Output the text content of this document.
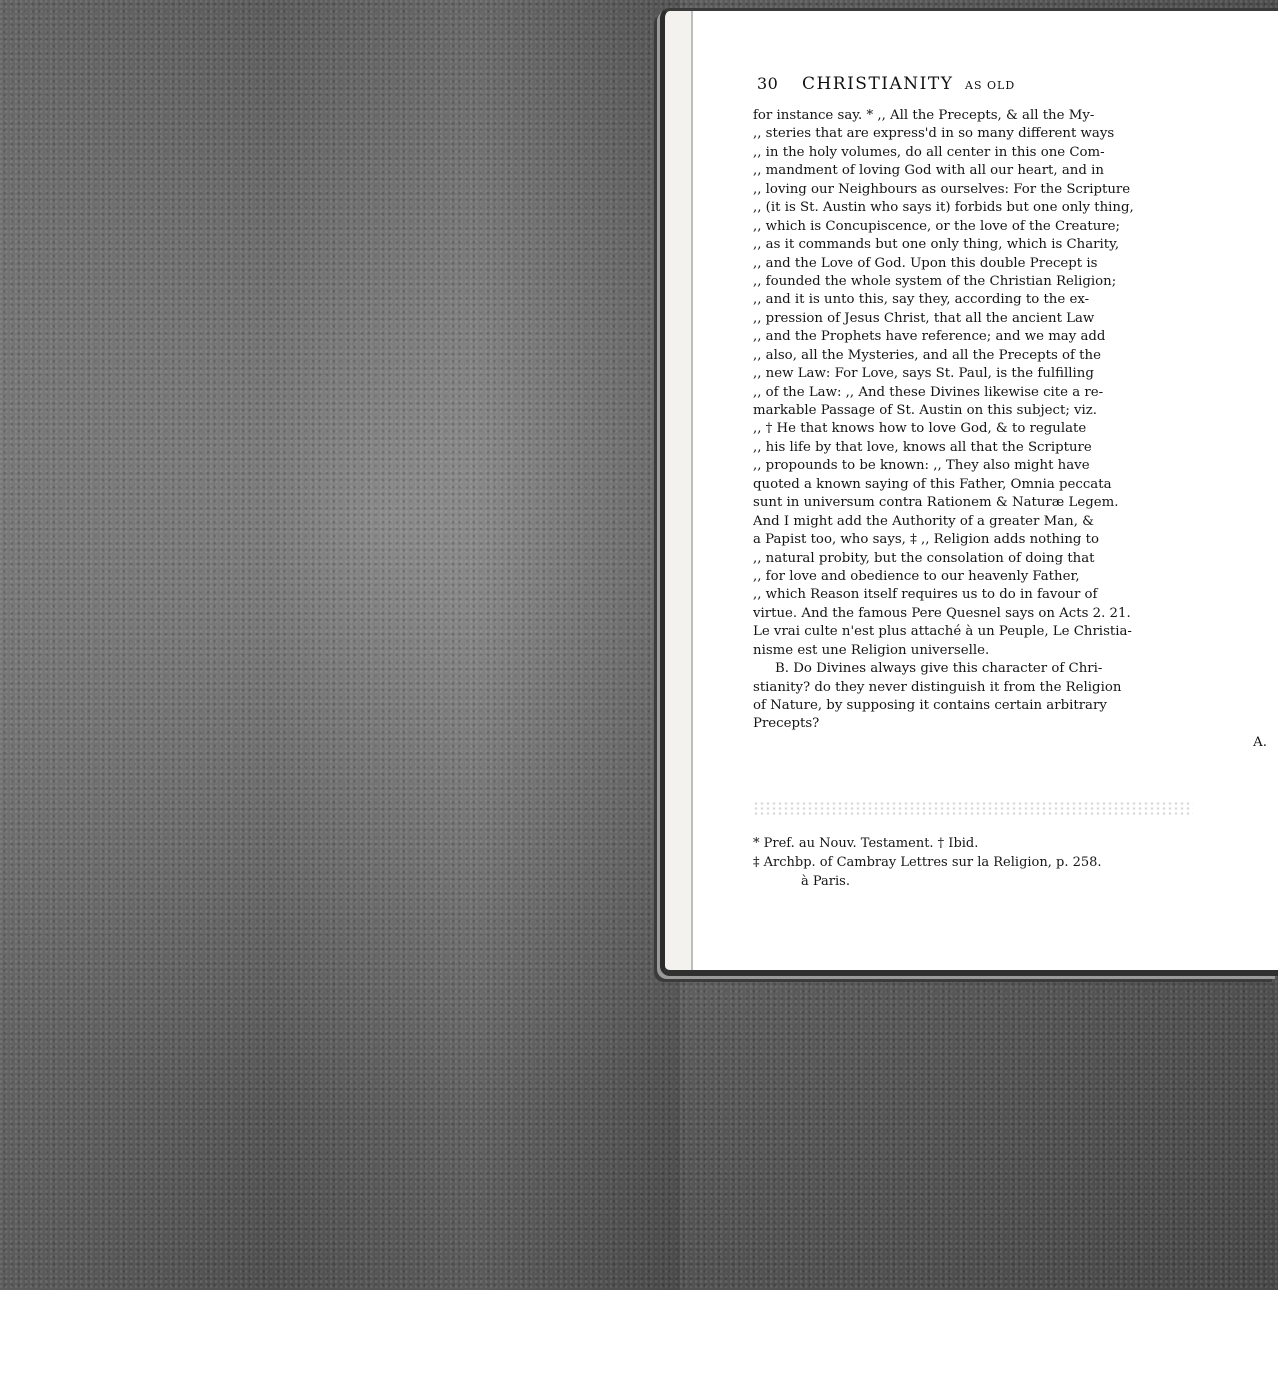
30 CHRISTIANITY AS OLD
for instance say. * ,, All the Precepts, & all the My-
,, steries that are express'd in so many different ways
,, in the holy volumes, do all center in this one Com-
,, mandment of loving God with all our heart, and in
,, loving our Neighbours as ourselves: For the Scripture
,, (it is St. Austin who says it) forbids but one only thing,
,, which is Concupiscence, or the love of the Creature;
,, as it commands but one only thing, which is Charity,
,, and the Love of God. Upon this double Precept is
,, founded the whole system of the Christian Religion;
,, and it is unto this, say they, according to the ex-
,, pression of Jesus Christ, that all the ancient Law
,, and the Prophets have reference; and we may add
,, also, all the Mysteries, and all the Precepts of the
,, new Law: For Love, says St. Paul, is the fulfilling
,, of the Law: ,, And these Divines likewise cite a re-
markable Passage of St. Austin on this subject; viz.
,, † He that knows how to love God, & to regulate
,, his life by that love, knows all that the Scripture
,, propounds to be known: ,, They also might have
quoted a known saying of this Father, Omnia peccata
sunt in universum contra Rationem & Naturæ Legem.
And I might add the Authority of a greater Man, &
a Papist too, who says, ‡ ,, Religion adds nothing to
,, natural probity, but the consolation of doing that
,, for love and obedience to our heavenly Father,
,, which Reason itself requires us to do in favour of
virtue. And the famous Pere Quesnel says on Acts 2. 21.
Le vrai culte n'est plus attaché à un Peuple, Le Christia-
nisme est une Religion universelle.
B. Do Divines always give this character of Chri-
stianity? do they never distinguish it from the Religion
of Nature, by supposing it contains certain arbitrary
Precepts?
A.
* Pref. au Nouv. Testament. † Ibid.
‡ Archbp. of Cambray Lettres sur la Religion, p. 258.
à Paris.
